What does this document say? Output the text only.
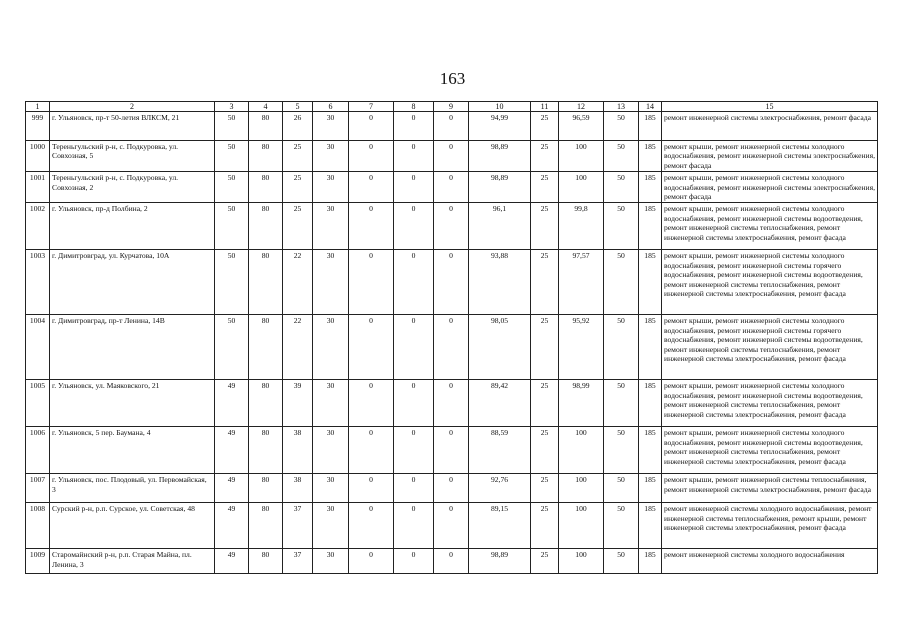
163
1	2	3	4	5	6	7	8	9	10	11	12	13	14	15
999	г. Ульяновск, пр-т 50-летия ВЛКСМ, 21	50	80	26	30	0	0	0	94,99	25	96,59	50	185	ремонт инженерной системы электроснабжения, ремонт фасада
1000	Тереньгульский р-н, с. Подкуровка, ул. Совхозная, 5	50	80	25	30	0	0	0	98,89	25	100	50	185	ремонт крыши, ремонт инженерной системы холодного водоснабжения, ремонт инженерной системы электроснабжения, ремонт фасада
1001	Тереньгульский р-н, с. Подкуровка, ул. Совхозная, 2	50	80	25	30	0	0	0	98,89	25	100	50	185	ремонт крыши, ремонт инженерной системы холодного водоснабжения, ремонт инженерной системы электроснабжения, ремонт фасада
1002	г. Ульяновск, пр-д Полбина, 2	50	80	25	30	0	0	0	96,1	25	99,8	50	185	ремонт крыши, ремонт инженерной системы холодного водоснабжения, ремонт инженерной системы водоотведения, ремонт инженерной системы теплоснабжения, ремонт инженерной системы электроснабжения, ремонт фасада
1003	г. Димитровград, ул. Курчатова, 10А	50	80	22	30	0	0	0	93,88	25	97,57	50	185	ремонт крыши, ремонт инженерной системы холодного водоснабжения, ремонт инженерной системы горячего водоснабжения, ремонт инженерной системы водоотведения, ремонт инженерной системы теплоснабжения, ремонт инженерной системы электроснабжения, ремонт фасада
1004	г. Димитровград, пр-т Ленина, 14В	50	80	22	30	0	0	0	98,05	25	95,92	50	185	ремонт крыши, ремонт инженерной системы холодного водоснабжения, ремонт инженерной системы горячего водоснабжения, ремонт инженерной системы водоотведения, ремонт инженерной системы теплоснабжения, ремонт инженерной системы электроснабжения, ремонт фасада
1005	г. Ульяновск, ул. Маяковского, 21	49	80	39	30	0	0	0	89,42	25	98,99	50	185	ремонт крыши, ремонт инженерной системы холодного водоснабжения, ремонт инженерной системы водоотведения, ремонт инженерной системы теплоснабжения, ремонт инженерной системы электроснабжения, ремонт фасада
1006	г. Ульяновск, 5 пер. Баумана, 4	49	80	38	30	0	0	0	88,59	25	100	50	185	ремонт крыши, ремонт инженерной системы холодного водоснабжения, ремонт инженерной системы водоотведения, ремонт инженерной системы теплоснабжения, ремонт инженерной системы электроснабжения, ремонт фасада
1007	г. Ульяновск, пос. Плодовый, ул. Первомайская, 3	49	80	38	30	0	0	0	92,76	25	100	50	185	ремонт крыши, ремонт инженерной системы теплоснабжения, ремонт инженерной системы электроснабжения, ремонт фасада
1008	Сурский р-н, р.п. Сурское, ул. Советская, 48	49	80	37	30	0	0	0	89,15	25	100	50	185	ремонт инженерной системы холодного водоснабжения, ремонт инженерной системы теплоснабжения, ремонт крыши, ремонт инженерной системы электроснабжения, ремонт фасада
1009	Старомайнский р-н, р.п. Старая Майна, пл. Ленина, 3	49	80	37	30	0	0	0	98,89	25	100	50	185	ремонт инженерной системы холодного водоснабжения
